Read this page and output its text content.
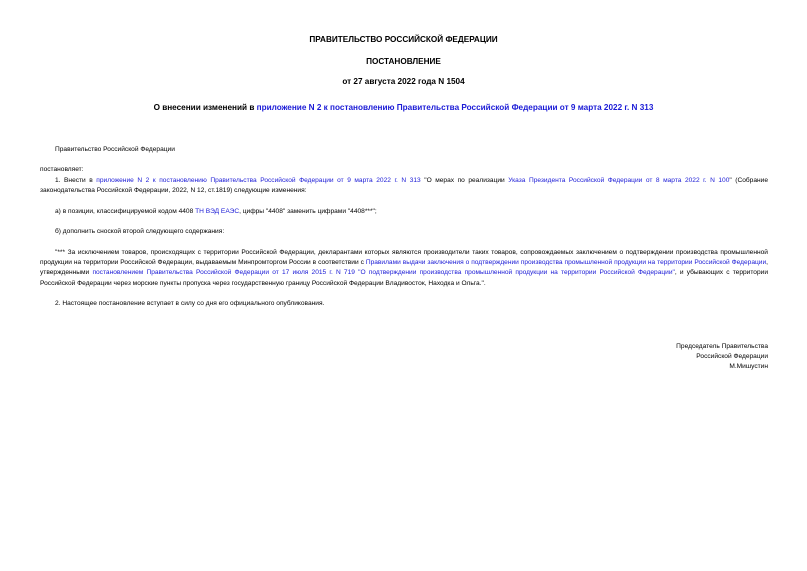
ПРАВИТЕЛЬСТВО РОССИЙСКОЙ ФЕДЕРАЦИИ

ПОСТАНОВЛЕНИЕ

от 27 августа 2022 года N 1504

О внесении изменений в приложение N 2 к постановлению Правительства Российской Федерации от 9 марта 2022 г. N 313

Правительство Российской Федерации

постановляет:

1. Внести в приложение N 2 к постановлению Правительства Российской Федерации от 9 марта 2022 г. N 313 "О мерах по реализации Указа Президента Российской Федерации от 8 марта 2022 г. N 100" (Собрание законодательства Российской Федерации, 2022, N 12, ст.1819) следующие изменения:

а) в позиции, классифицируемой кодом 4408 ТН ВЭД ЕАЭС, цифры "4408" заменить цифрами "4408***";

б) дополнить сноской второй следующего содержания:

"*** За исключением товаров, происходящих с территории Российской Федерации, декларантами которых являются производители таких товаров, сопровождаемых заключением о подтверждении производства промышленной продукции на территории Российской Федерации, выдаваемым Минпромторгом России в соответствии с Правилами выдачи заключения о подтверждении производства промышленной продукции на территории Российской Федерации, утвержденными постановлением Правительства Российской Федерации от 17 июля 2015 г. N 719 "О подтверждении производства промышленной продукции на территории Российской Федерации", и убывающих с территории Российской Федерации через морские пункты пропуска через государственную границу Российской Федерации Владивосток, Находка и Ольга.".

2. Настоящее постановление вступает в силу со дня его официального опубликования.

Председатель Правительства
Российской Федерации
М.Мишустин
